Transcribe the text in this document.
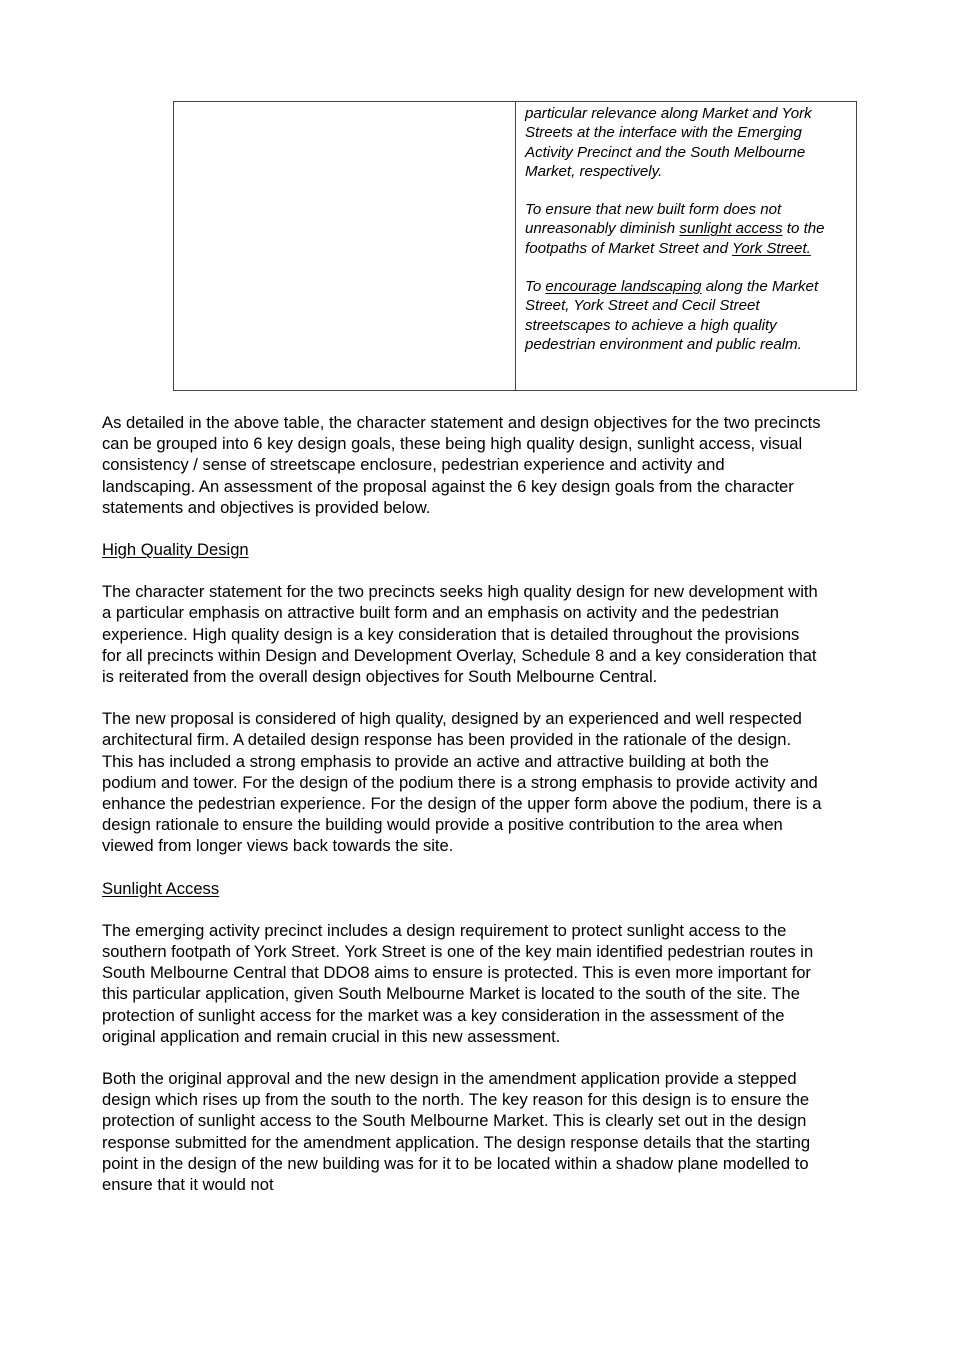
particular relevance along Market and York Streets at the interface with the Emerging Activity Precinct and the South Melbourne Market, respectively.

To ensure that new built form does not unreasonably diminish sunlight access to the footpaths of Market Street and York Street.

To encourage landscaping along the Market Street, York Street and Cecil Street streetscapes to achieve a high quality pedestrian environment and public realm.

As detailed in the above table, the character statement and design objectives for the two precincts can be grouped into 6 key design goals, these being high quality design, sunlight access, visual consistency / sense of streetscape enclosure, pedestrian experience and activity and landscaping. An assessment of the proposal against the 6 key design goals from the character statements and objectives is provided below.

High Quality Design

The character statement for the two precincts seeks high quality design for new development with a particular emphasis on attractive built form and an emphasis on activity and the pedestrian experience. High quality design is a key consideration that is detailed throughout the provisions for all precincts within Design and Development Overlay, Schedule 8 and a key consideration that is reiterated from the overall design objectives for South Melbourne Central.

The new proposal is considered of high quality, designed by an experienced and well respected architectural firm. A detailed design response has been provided in the rationale of the design. This has included a strong emphasis to provide an active and attractive building at both the podium and tower. For the design of the podium there is a strong emphasis to provide activity and enhance the pedestrian experience. For the design of the upper form above the podium, there is a design rationale to ensure the building would provide a positive contribution to the area when viewed from longer views back towards the site.

Sunlight Access

The emerging activity precinct includes a design requirement to protect sunlight access to the southern footpath of York Street. York Street is one of the key main identified pedestrian routes in South Melbourne Central that DDO8 aims to ensure is protected. This is even more important for this particular application, given South Melbourne Market is located to the south of the site. The protection of sunlight access for the market was a key consideration in the assessment of the original application and remain crucial in this new assessment.

Both the original approval and the new design in the amendment application provide a stepped design which rises up from the south to the north. The key reason for this design is to ensure the protection of sunlight access to the South Melbourne Market. This is clearly set out in the design response submitted for the amendment application. The design response details that the starting point in the design of the new building was for it to be located within a shadow plane modelled to ensure that it would not
